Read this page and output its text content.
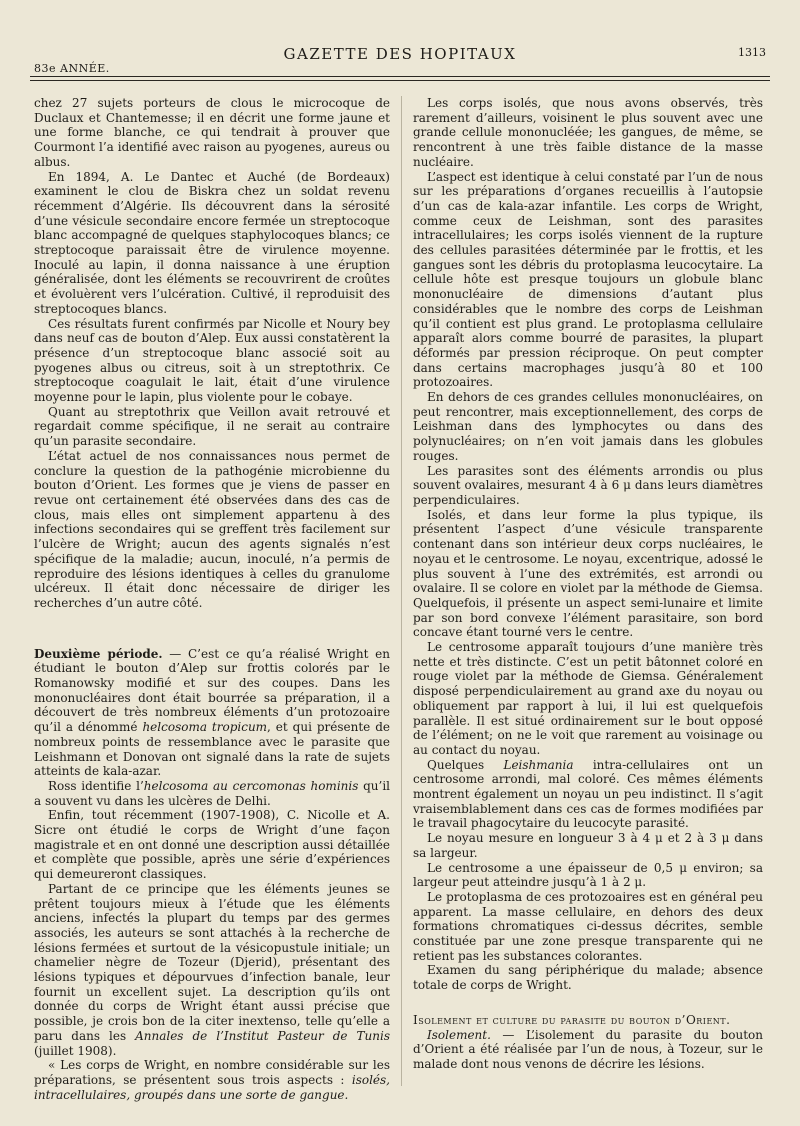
83e ANNÉE.
GAZETTE DES HOPITAUX	1313

chez 27 sujets porteurs de clous le microcoque de Duclaux et Chantemesse; il en décrit une forme jaune et une forme blanche, ce qui tendrait à prouver que Courmont l’a identifié avec raison au pyogenes, aureus ou albus.

En 1894, A. Le Dantec et Auché (de Bordeaux) examinent le clou de Biskra chez un soldat revenu récemment d’Algérie. Ils découvrent dans la sérosité d’une vésicule secondaire encore fermée un streptocoque blanc accompagné de quelques staphylocoques blancs; ce streptocoque paraissait être de virulence moyenne. Inoculé au lapin, il donna naissance à une éruption généralisée, dont les éléments se recouvrirent de croûtes et évoluèrent vers l’ulcération. Cultivé, il reproduisit des streptocoques blancs.

Ces résultats furent confirmés par Nicolle et Noury bey dans neuf cas de bouton d’Alep. Eux aussi constatèrent la présence d’un streptocoque blanc associé soit au pyogenes albus ou citreus, soit à un streptothrix. Ce streptocoque coagulait le lait, était d’une virulence moyenne pour le lapin, plus violente pour le cobaye.

Quant au streptothrix que Veillon avait retrouvé et regardait comme spécifique, il ne serait au contraire qu’un parasite secondaire.

L’état actuel de nos connaissances nous permet de conclure la question de la pathogénie microbienne du bouton d’Orient. Les formes que je viens de passer en revue ont certainement été observées dans des cas de clous, mais elles ont simplement appartenu à des infections secondaires qui se greffent très facilement sur l’ulcère de Wright; aucun des agents signalés n’est spécifique de la maladie; aucun, inoculé, n’a permis de reproduire des lésions identiques à celles du granulome ulcéreux. Il était donc nécessaire de diriger les recherches d’un autre côté.

Deuxième période. — C’est ce qu’a réalisé Wright en étudiant le bouton d’Alep sur frottis colorés par le Romanowsky modifié et sur des coupes. Dans les mononucléaires dont était bourrée sa préparation, il a découvert de très nombreux éléments d’un protozoaire qu’il a dénommé helcosoma tropicum, et qui présente de nombreux points de ressemblance avec le parasite que Leishmann et Donovan ont signalé dans la rate de sujets atteints de kala-azar.

Ross identifie l’helcosoma au cercomonas hominis qu’il a souvent vu dans les ulcères de Delhi.

Enfin, tout récemment (1907-1908), C. Nicolle et A. Sicre ont étudié le corps de Wright d’une façon magistrale et en ont donné une description aussi détaillée et complète que possible, après une série d’expériences qui demeureront classiques.

Partant de ce principe que les éléments jeunes se prêtent toujours mieux à l’étude que les éléments anciens, infectés la plupart du temps par des germes associés, les auteurs se sont attachés à la recherche de lésions fermées et surtout de la vésicopustule initiale; un chamelier nègre de Tozeur (Djerid), présentant des lésions typiques et dépourvues d’infection banale, leur fournit un excellent sujet. La description qu’ils ont donnée du corps de Wright étant aussi précise que possible, je crois bon de la citer inextenso, telle qu’elle a paru dans les Annales de l’Institut Pasteur de Tunis (juillet 1908).

« Les corps de Wright, en nombre considérable sur les préparations, se présentent sous trois aspects : isolés, intracellulaires, groupés dans une sorte de gangue.

Les corps isolés, que nous avons observés, très rarement d’ailleurs, voisinent le plus souvent avec une grande cellule mononucléée; les gangues, de même, se rencontrent à une très faible distance de la masse nucléaire.

L’aspect est identique à celui constaté par l’un de nous sur les préparations d’organes recueillis à l’autopsie d’un cas de kala-azar infantile. Les corps de Wright, comme ceux de Leishman, sont des parasites intracellulaires; les corps isolés viennent de la rupture des cellules parasitées déterminée par le frottis, et les gangues sont les débris du protoplasma leucocytaire. La cellule hôte est presque toujours un globule blanc mononucléaire de dimensions d’autant plus considérables que le nombre des corps de Leishman qu’il contient est plus grand. Le protoplasma cellulaire apparaît alors comme bourré de parasites, la plupart déformés par pression réciproque. On peut compter dans certains macrophages jusqu’à 80 et 100 protozoaires.

En dehors de ces grandes cellules mononucléaires, on peut rencontrer, mais exceptionnellement, des corps de Leishman dans des lymphocytes ou dans des polynucléaires; on n’en voit jamais dans les globules rouges.

Les parasites sont des éléments arrondis ou plus souvent ovalaires, mesurant 4 à 6 μ dans leurs diamètres perpendiculaires.

Isolés, et dans leur forme la plus typique, ils présentent l’aspect d’une vésicule transparente contenant dans son intérieur deux corps nucléaires, le noyau et le centrosome. Le noyau, excentrique, adossé le plus souvent à l’une des extrémités, est arrondi ou ovalaire. Il se colore en violet par la méthode de Giemsa. Quelquefois, il présente un aspect semi-lunaire et limite par son bord convexe l’élément parasitaire, son bord concave étant tourné vers le centre.

Le centrosome apparaît toujours d’une manière très nette et très distincte. C’est un petit bâtonnet coloré en rouge violet par la méthode de Giemsa. Généralement disposé perpendiculairement au grand axe du noyau ou obliquement par rapport à lui, il lui est quelquefois parallèle. Il est situé ordinairement sur le bout opposé de l’élément; on ne le voit que rarement au voisinage ou au contact du noyau.

Quelques Leishmania intra-cellulaires ont un centrosome arrondi, mal coloré. Ces mêmes éléments montrent également un noyau un peu indistinct. Il s’agit vraisemblablement dans ces cas de formes modifiées par le travail phagocytaire du leucocyte parasité.

Le noyau mesure en longueur 3 à 4 μ et 2 à 3 μ dans sa largeur.

Le centrosome a une épaisseur de 0,5 μ environ; sa largeur peut atteindre jusqu’à 1 à 2 μ.

Le protoplasma de ces protozoaires est en général peu apparent. La masse cellulaire, en dehors des deux formations chromatiques ci-dessus décrites, semble constituée par une zone presque transparente qui ne retient pas les substances colorantes.

Examen du sang périphérique du malade; absence totale de corps de Wright.

Isolement et culture du parasite du bouton d’Orient.

Isolement. — L’isolement du parasite du bouton d’Orient a été réalisée par l’un de nous, à Tozeur, sur le malade dont nous venons de décrire les lésions.
